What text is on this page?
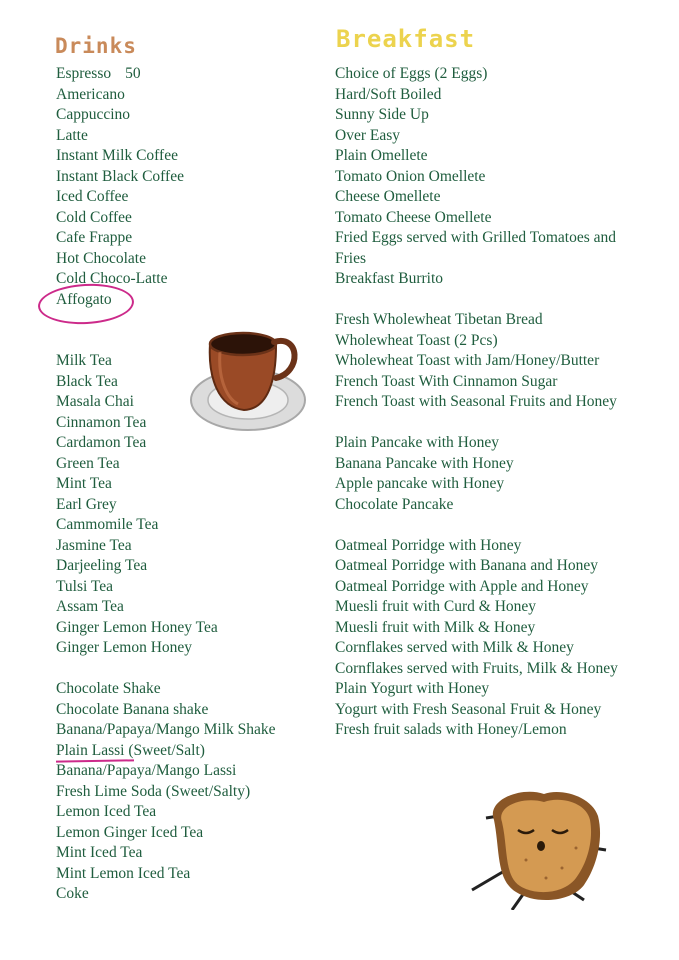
Drinks	Breakfast
Espresso 50
Americano
Cappuccino
Latte
Instant Milk Coffee
Instant Black Coffee
Iced Coffee
Cold Coffee
Cafe Frappe
Hot Chocolate
Cold Choco-Latte
Affogato
Milk Tea
Black Tea
Masala Chai
Cinnamon Tea
Cardamon Tea
Green Tea
Mint Tea
Earl Grey
Cammomile Tea
Jasmine Tea
Darjeeling Tea
Tulsi Tea
Assam Tea
Ginger Lemon Honey Tea
Ginger Lemon Honey
Chocolate Shake
Chocolate Banana shake
Banana/Papaya/Mango Milk Shake
Plain Lassi (Sweet/Salt)
Banana/Papaya/Mango Lassi
Fresh Lime Soda (Sweet/Salty)
Lemon Iced Tea
Lemon Ginger Iced Tea
Mint Iced Tea
Mint Lemon Iced Tea
Coke
Choice of Eggs (2 Eggs)
Hard/Soft Boiled
Sunny Side Up
Over Easy
Plain Omellete
Tomato Onion Omellete
Cheese Omellete
Tomato Cheese Omellete
Fried Eggs served with Grilled Tomatoes and
Fries
Breakfast Burrito
Fresh Wholewheat Tibetan Bread
Wholewheat Toast (2 Pcs)
Wholewheat Toast with Jam/Honey/Butter
French Toast With Cinnamon Sugar
French Toast with Seasonal Fruits and Honey
Plain Pancake with Honey
Banana Pancake with Honey
Apple pancake with Honey
Chocolate Pancake
Oatmeal Porridge with Honey
Oatmeal Porridge with Banana and Honey
Oatmeal Porridge with Apple and Honey
Muesli fruit with Curd & Honey
Muesli fruit with Milk & Honey
Cornflakes served with Milk & Honey
Cornflakes served with Fruits, Milk & Honey
Plain Yogurt with Honey
Yogurt with Fresh Seasonal Fruit & Honey
Fresh fruit salads with Honey/Lemon
